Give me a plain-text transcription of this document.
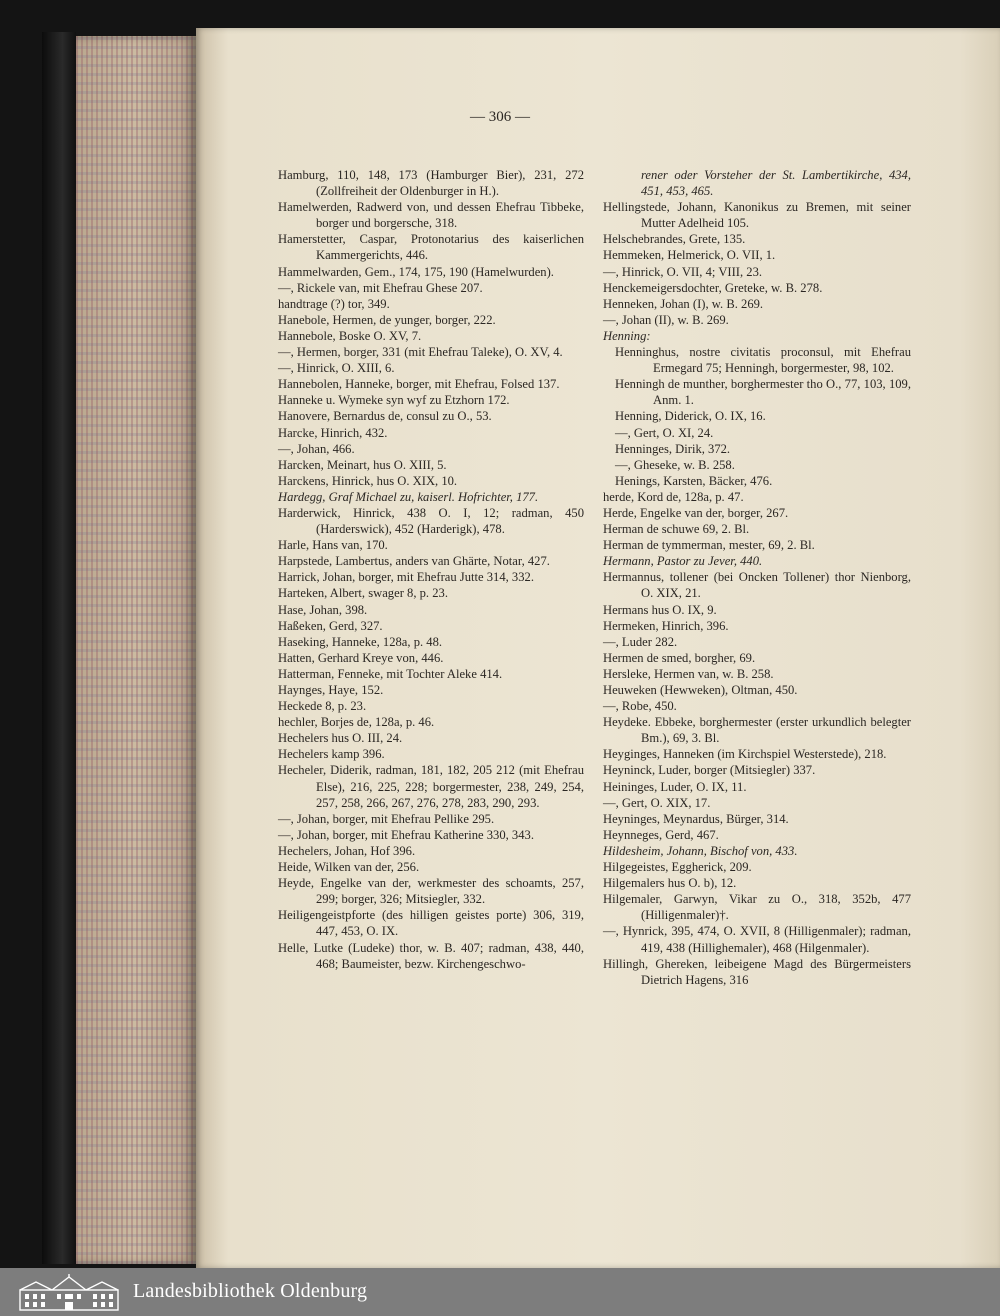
— 306 —
Hamburg, 110, 148, 173 (Hamburger Bier), 231, 272 (Zollfreiheit der Oldenburger in H.).
Hamelwerden, Radwerd von, und dessen Ehefrau Tibbeke, borger und borgersche, 318.
Hamerstetter, Caspar, Protonotarius des kaiserlichen Kammergerichts, 446.
Hammelwarden, Gem., 174, 175, 190 (Hamelwurden).
—, Rickele van, mit Ehefrau Ghese 207.
handtrage (?) tor, 349.
Hanebole, Hermen, de yunger, borger, 222.
Hannebole, Boske O. XV, 7.
—, Hermen, borger, 331 (mit Ehefrau Taleke), O. XV, 4.
—, Hinrick, O. XIII, 6.
Hannebolen, Hanneke, borger, mit Ehefrau, Folsed 137.
Hanneke u. Wymeke syn wyf zu Etzhorn 172.
Hanovere, Bernardus de, consul zu O., 53.
Harcke, Hinrich, 432.
—, Johan, 466.
Harcken, Meinart, hus O. XIII, 5.
Harckens, Hinrick, hus O. XIX, 10.
Hardegg, Graf Michael zu, kaiserl. Hofrichter, 177.
Harderwick, Hinrick, 438 O. I, 12; radman, 450 (Harderswick), 452 (Harderigk), 478.
Harle, Hans van, 170.
Harpstede, Lambertus, anders van Ghärte, Notar, 427.
Harrick, Johan, borger, mit Ehefrau Jutte 314, 332.
Harteken, Albert, swager 8, p. 23.
Hase, Johan, 398.
Haßeken, Gerd, 327.
Haseking, Hanneke, 128a, p. 48.
Hatten, Gerhard Kreye von, 446.
Hatterman, Fenneke, mit Tochter Aleke 414.
Haynges, Haye, 152.
Heckede 8, p. 23.
hechler, Borjes de, 128a, p. 46.
Hechelers hus O. III, 24.
Hechelers kamp 396.
Hecheler, Diderik, radman, 181, 182, 205 212 (mit Ehefrau Else), 216, 225, 228; borgermester, 238, 249, 254, 257, 258, 266, 267, 276, 278, 283, 290, 293.
—, Johan, borger, mit Ehefrau Pellike 295.
—, Johan, borger, mit Ehefrau Katherine 330, 343.
Hechelers, Johan, Hof 396.
Heide, Wilken van der, 256.
Heyde, Engelke van der, werkmester des schoamts, 257, 299; borger, 326; Mitsiegler, 332.
Heiligengeistpforte (des hilligen geistes porte) 306, 319, 447, 453, O. IX.
Helle, Lutke (Ludeke) thor, w. B. 407; radman, 438, 440, 468; Baumeister, bezw. Kirchengeschwo-
rener oder Vorsteher der St. Lambertikirche, 434, 451, 453, 465.
Hellingstede, Johann, Kanonikus zu Bremen, mit seiner Mutter Adelheid 105.
Helschebrandes, Grete, 135.
Hemmeken, Helmerick, O. VII, 1.
—, Hinrick, O. VII, 4; VIII, 23.
Henckemeigersdochter, Greteke, w. B. 278.
Henneken, Johan (I), w. B. 269.
—, Johan (II), w. B. 269.
Henning:
Henninghus, nostre civitatis proconsul, mit Ehefrau Ermegard 75; Henningh, borgermester, 98, 102.
Henningh de munther, borghermester tho O., 77, 103, 109, Anm. 1.
Henning, Diderick, O. IX, 16.
—, Gert, O. XI, 24.
Henninges, Dirik, 372.
—, Gheseke, w. B. 258.
Henings, Karsten, Bäcker, 476.
herde, Kord de, 128a, p. 47.
Herde, Engelke van der, borger, 267.
Herman de schuwe 69, 2. Bl.
Herman de tymmerman, mester, 69, 2. Bl.
Hermann, Pastor zu Jever, 440.
Hermannus, tollener (bei Oncken Tollener) thor Nienborg, O. XIX, 21.
Hermans hus O. IX, 9.
Hermeken, Hinrich, 396.
—, Luder 282.
Hermen de smed, borgher, 69.
Hersleke, Hermen van, w. B. 258.
Heuweken (Hewweken), Oltman, 450.
—, Robe, 450.
Heydeke. Ebbeke, borghermester (erster urkundlich belegter Bm.), 69, 3. Bl.
Heyginges, Hanneken (im Kirchspiel Westerstede), 218.
Heyninck, Luder, borger (Mitsiegler) 337.
Heininges, Luder, O. IX, 11.
—, Gert, O. XIX, 17.
Heyninges, Meynardus, Bürger, 314.
Heynneges, Gerd, 467.
Hildesheim, Johann, Bischof von, 433.
Hilgegeistes, Eggherick, 209.
Hilgemalers hus O. b), 12.
Hilgemaler, Garwyn, Vikar zu O., 318, 352b, 477 (Hilligenmaler)†.
—, Hynrick, 395, 474, O. XVII, 8 (Hilligenmaler); radman, 419, 438 (Hillighemaler), 468 (Hilgenmaler).
Hillingh, Ghereken, leibeigene Magd des Bürgermeisters Dietrich Hagens, 316
Landesbibliothek Oldenburg
